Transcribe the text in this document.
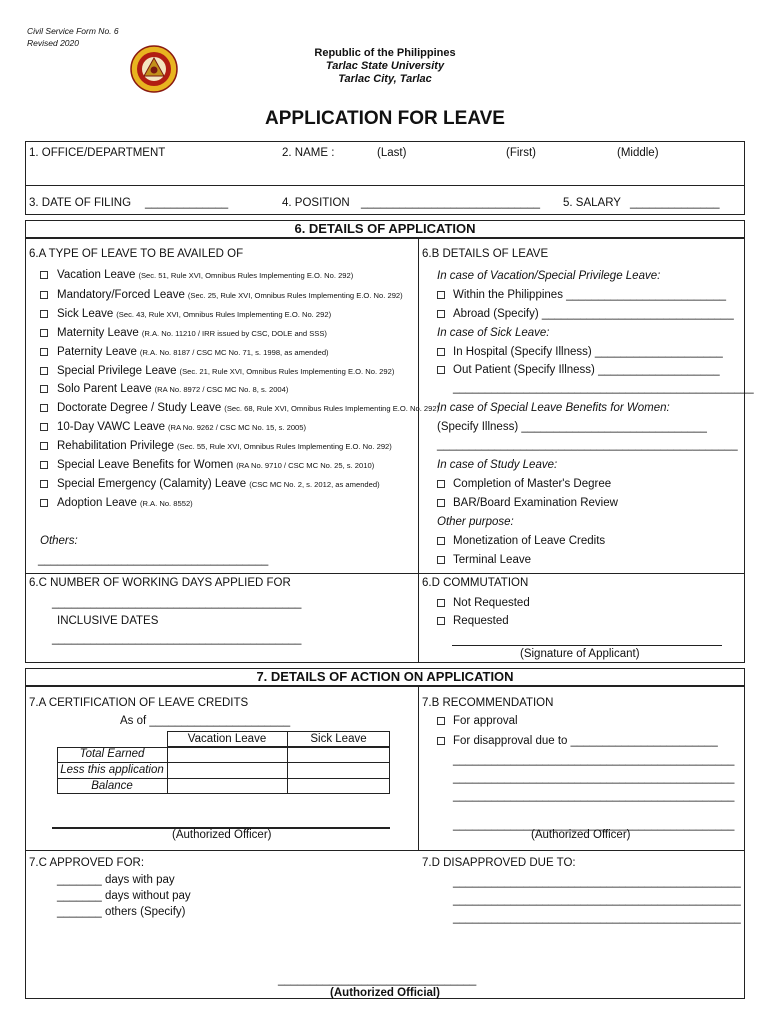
Civil Service Form No. 6
Revised 2020
Republic of the Philippines
Tarlac State University
Tarlac City, Tarlac
APPLICATION FOR LEAVE
1. OFFICE/DEPARTMENT	2. NAME :	(Last)	(First)	(Middle)
3. DATE OF FILING _____________	4. POSITION ____________________________ 5. SALARY ______________
6. DETAILS OF APPLICATION
6.A TYPE OF LEAVE TO BE AVAILED OF	6.B DETAILS OF LEAVE
Vacation Leave (Sec. 51, Rule XVI, Omnibus Rules Implementing E.O. No. 292)
Mandatory/Forced Leave (Sec. 25, Rule XVI, Omnibus Rules Implementing E.O. No. 292)
Sick Leave (Sec. 43, Rule XVI, Omnibus Rules Implementing E.O. No. 292)
Maternity Leave (R.A. No. 11210 / IRR issued by CSC, DOLE and SSS)
Paternity Leave (R.A. No. 8187 / CSC MC No. 71, s. 1998, as amended)
Special Privilege Leave (Sec. 21, Rule XVI, Omnibus Rules Implementing E.O. No. 292)
Solo Parent Leave (RA No. 8972 / CSC MC No. 8, s. 2004)
Doctorate Degree / Study Leave (Sec. 68, Rule XVI, Omnibus Rules Implementing E.O. No. 292)
10-Day VAWC Leave (RA No. 9262 / CSC MC No. 15, s. 2005)
Rehabilitation Privilege (Sec. 55, Rule XVI, Omnibus Rules Implementing E.O. No. 292)
Special Leave Benefits for Women (RA No. 9710 / CSC MC No. 25, s. 2010)
Special Emergency (Calamity) Leave (CSC MC No. 2, s. 2012, as amended)
Adoption Leave (R.A. No. 8552)
Others:
____________________________________
In case of Vacation/Special Privilege Leave:
Within the Philippines _________________________
Abroad (Specify) ______________________________
In case of Sick Leave:
In Hospital (Specify Illness) ____________________
Out Patient (Specify Illness) ___________________
_______________________________________________
In case of Special Leave Benefits for Women:
(Specify Illness) _____________________________
_______________________________________________
In case of Study Leave:
Completion of Master's Degree
BAR/Board Examination Review
Other purpose:
Monetization of Leave Credits
Terminal Leave
6.C NUMBER OF WORKING DAYS APPLIED FOR
_______________________________________
INCLUSIVE DATES
_______________________________________
6.D COMMUTATION
Not Requested
Requested
(Signature of Applicant)
7. DETAILS OF ACTION ON APPLICATION
7.A CERTIFICATION OF LEAVE CREDITS
As of ______________________
Vacation Leave	Sick Leave
Total Earned
Less this application
Balance
(Authorized Officer)
7.B RECOMMENDATION
For approval
For disapproval due to _______________________
____________________________________________
____________________________________________
____________________________________________
____________________________________________
(Authorized Officer)
7.C APPROVED FOR:
_______ days with pay
_______ days without pay
_______ others (Specify)
7.D DISAPPROVED DUE TO:
_____________________________________________
_____________________________________________
_____________________________________________
_______________________________
(Authorized Official)
